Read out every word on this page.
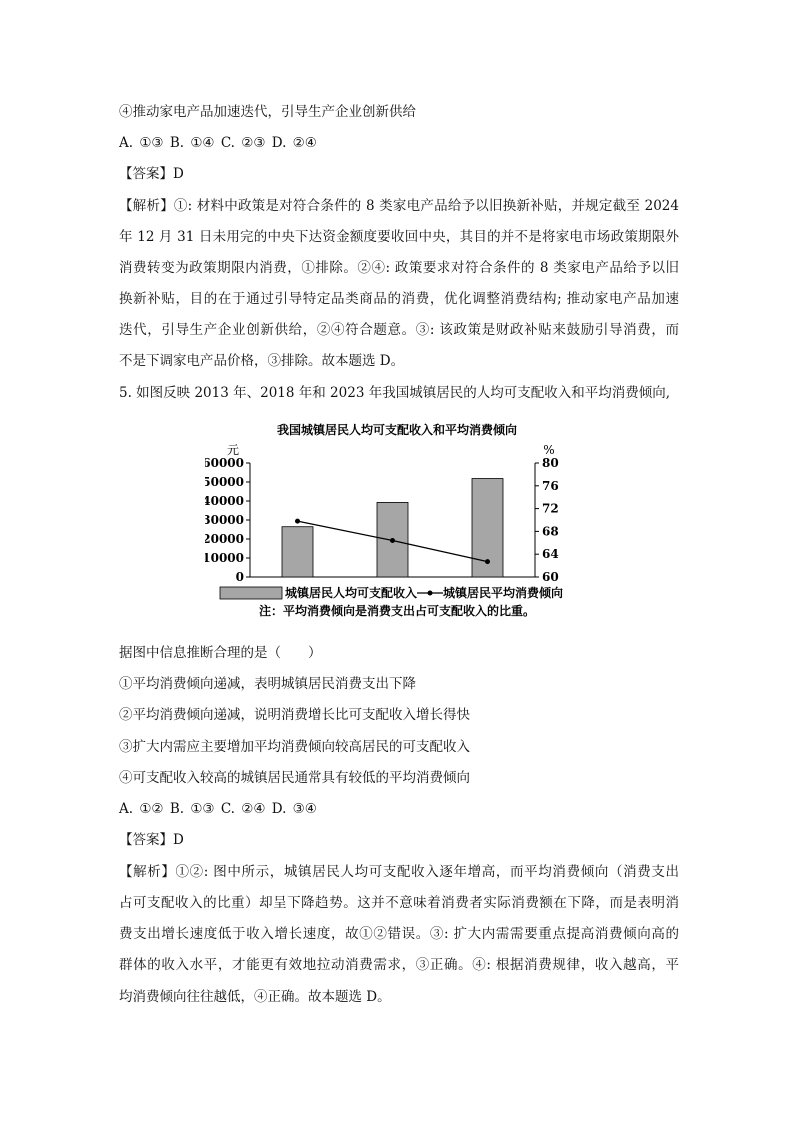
④推动家电产品加速迭代，引导生产企业创新供给
A. ①③ B. ①④ C. ②③ D. ②④
【答案】D
【解析】①: 材料中政策是对符合条件的 8 类家电产品给予以旧换新补贴，并规定截至 2024
年 12 月 31 日未用完的中央下达资金额度要收回中央，其目的并不是将家电市场政策期限外
消费转变为政策期限内消费，①排除。②④: 政策要求对符合条件的 8 类家电产品给予以旧
换新补贴，目的在于通过引导特定品类商品的消费，优化调整消费结构; 推动家电产品加速
迭代，引导生产企业创新供给，②④符合题意。③: 该政策是财政补贴来鼓励引导消费，而
不是下调家电产品价格，③排除。故本题选 D。
5. 如图反映 2013 年、2018 年和 2023 年我国城镇居民的人均可支配收入和平均消费倾向,
我国城镇居民人均可支配收入和平均消费倾向
元	%
0
10000
20000
30000
40000
50000
60000
60
64
68
72
76
80
城镇居民人均可支配收入 城镇居民平均消费倾向
注：平均消费倾向是消费支出占可支配收入的比重。
据图中信息推断合理的是（　　）
①平均消费倾向递减，表明城镇居民消费支出下降
②平均消费倾向递减，说明消费增长比可支配收入增长得快
③扩大内需应主要增加平均消费倾向较高居民的可支配收入
④可支配收入较高的城镇居民通常具有较低的平均消费倾向
A. ①② B. ①③ C. ②④ D. ③④
【答案】D
【解析】①②: 图中所示，城镇居民人均可支配收入逐年增高，而平均消费倾向（消费支出
占可支配收入的比重）却呈下降趋势。这并不意味着消费者实际消费额在下降，而是表明消
费支出增长速度低于收入增长速度，故①②错误。③: 扩大内需需要重点提高消费倾向高的
群体的收入水平，才能更有效地拉动消费需求，③正确。④: 根据消费规律，收入越高，平
均消费倾向往往越低，④正确。故本题选 D。
